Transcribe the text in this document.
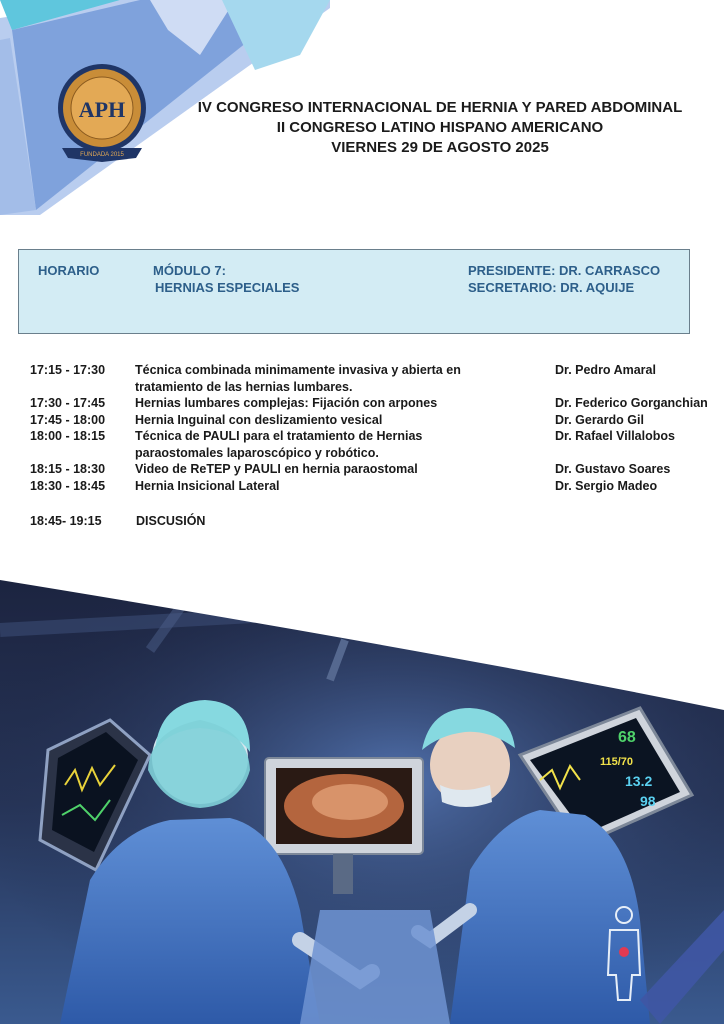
APH
FUNDADA 2015
IV CONGRESO INTERNACIONAL DE HERNIA Y PARED ABDOMINAL
II CONGRESO LATINO HISPANO AMERICANO
VIERNES 29 DE AGOSTO 2025
HORARIO	MÓDULO 7:
HERNIAS ESPECIALES
PRESIDENTE: DR. CARRASCO
SECRETARIO: DR. AQUIJE
17:15 - 17:30	Técnica combinada minimamente invasiva y abierta en
tratamiento de las hernias lumbares.
Dr. Pedro Amaral
17:30 - 17:45	Hernias lumbares complejas: Fijación con arpones	Dr. Federico Gorganchian
17:45 - 18:00	Hernia Inguinal con deslizamiento vesical	Dr. Gerardo Gil
18:00 - 18:15	Técnica de PAULI para el tratamiento de Hernias
paraostomales laparoscópico y robótico.
Dr. Rafael Villalobos
18:15 - 18:30	Video de ReTEP y PAULI en hernia paraostomal	Dr. Gustavo Soares
18:30 - 18:45	Hernia Insicional Lateral	Dr. Sergio Madeo
18:45- 19:15	DISCUSIÓN
68
115/70
13.2
98
